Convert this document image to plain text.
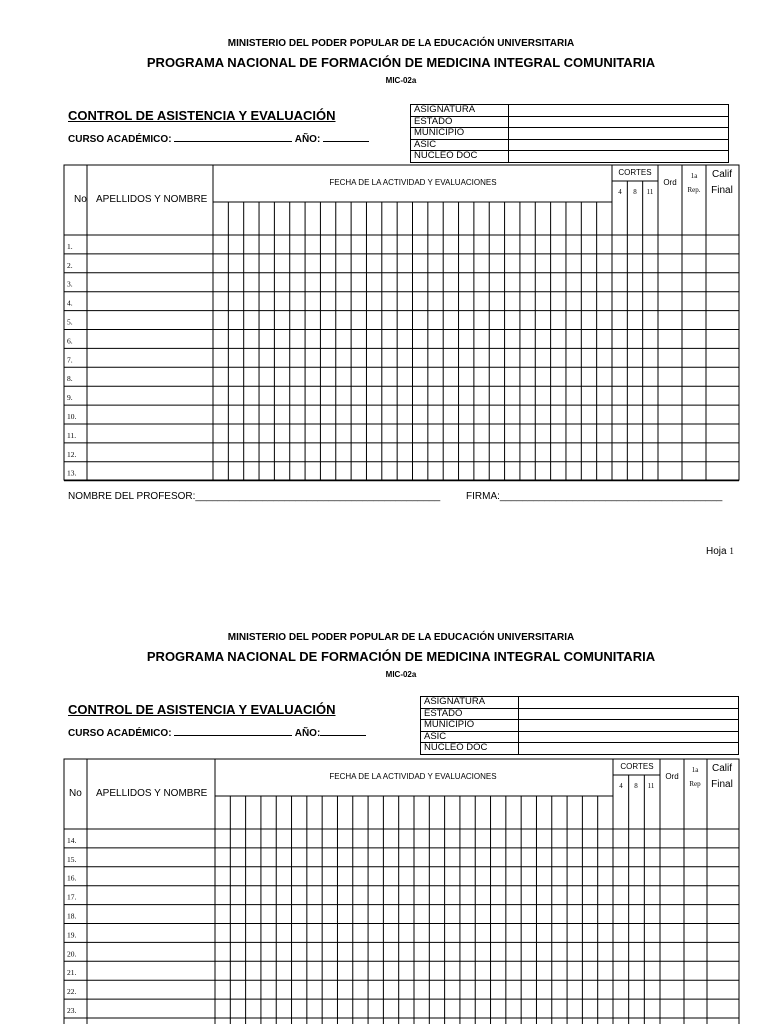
MINISTERIO DEL PODER POPULAR DE LA EDUCACIÓN UNIVERSITARIA
PROGRAMA NACIONAL DE FORMACIÓN DE MEDICINA INTEGRAL COMUNITARIA
MIC-02a
CONTROL DE ASISTENCIA Y EVALUACIÓN
CURSO ACADÉMICO:	AÑO:
ASIGNATURA	
ESTADO	
MUNICIPIO	
ASIC	
NUCLEO DOC	
No APELLIDOS Y NOMBRE
FECHA DE LA ACTIVIDAD Y EVALUACIONES
CORTES
4 8 11
Ord
1a
Rep.
Calif
Final
1.
2.
3.
4.
5.
6.
7.
8.
9.
10.
11.
12.
13.
NOMBRE DEL PROFESOR:____________________________________________	FIRMA:________________________________________
Hoja 1
MINISTERIO DEL PODER POPULAR DE LA EDUCACIÓN UNIVERSITARIA
PROGRAMA NACIONAL DE FORMACIÓN DE MEDICINA INTEGRAL COMUNITARIA
MIC-02a
CONTROL DE ASISTENCIA Y EVALUACIÓN
CURSO ACADÉMICO:	AÑO:
ASIGNATURA	
ESTADO	
MUNICIPIO	
ASIC	
NUCLEO DOC	
No APELLIDOS Y NOMBRE
FECHA DE LA ACTIVIDAD Y EVALUACIONES
CORTES
4 8 11
Ord
1a
Rep
Calif
Final
14.
15.
16.
17.
18.
19.
20.
21.
22.
23.
